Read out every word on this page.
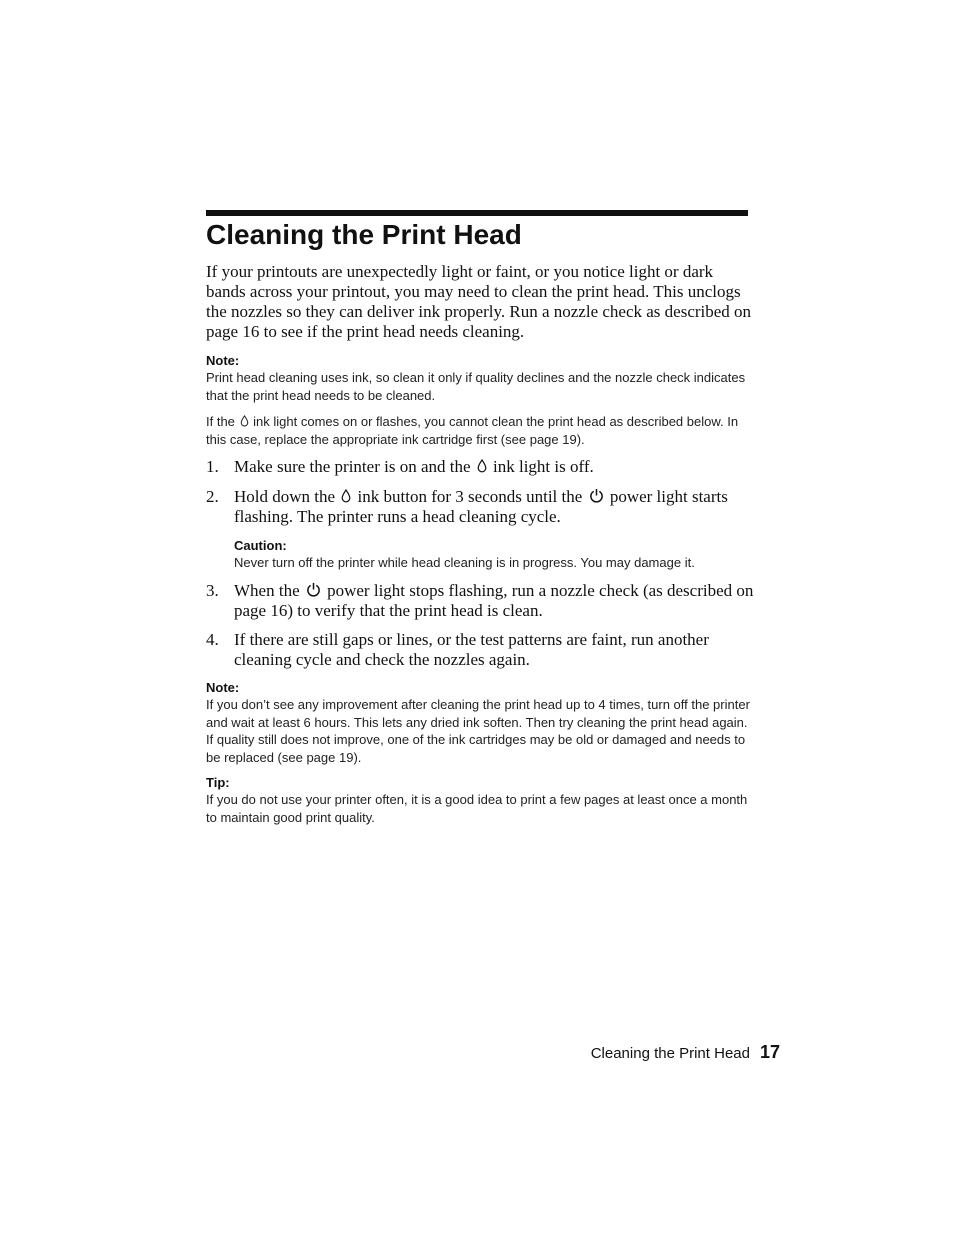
Cleaning the Print Head

If your printouts are unexpectedly light or faint, or you notice light or dark bands across your printout, you may need to clean the print head. This unclogs the nozzles so they can deliver ink properly. Run a nozzle check as described on page 16 to see if the print head needs cleaning.

Note:
Print head cleaning uses ink, so clean it only if quality declines and the nozzle check indicates that the print head needs to be cleaned.
If the ink light comes on or flashes, you cannot clean the print head as described below. In this case, replace the appropriate ink cartridge first (see page 19).
1. Make sure the printer is on and the ink light is off.
2. Hold down the ink button for 3 seconds until the power light starts flashing. The printer runs a head cleaning cycle.
Caution:
Never turn off the printer while head cleaning is in progress. You may damage it.
3. When the power light stops flashing, run a nozzle check (as described on page 16) to verify that the print head is clean.
4. If there are still gaps or lines, or the test patterns are faint, run another cleaning cycle and check the nozzles again.
Note:
If you don’t see any improvement after cleaning the print head up to 4 times, turn off the printer and wait at least 6 hours. This lets any dried ink soften. Then try cleaning the print head again. If quality still does not improve, one of the ink cartridges may be old or damaged and needs to be replaced (see page 19).
Tip:
If you do not use your printer often, it is a good idea to print a few pages at least once a month to maintain good print quality.
Cleaning the Print Head 17
